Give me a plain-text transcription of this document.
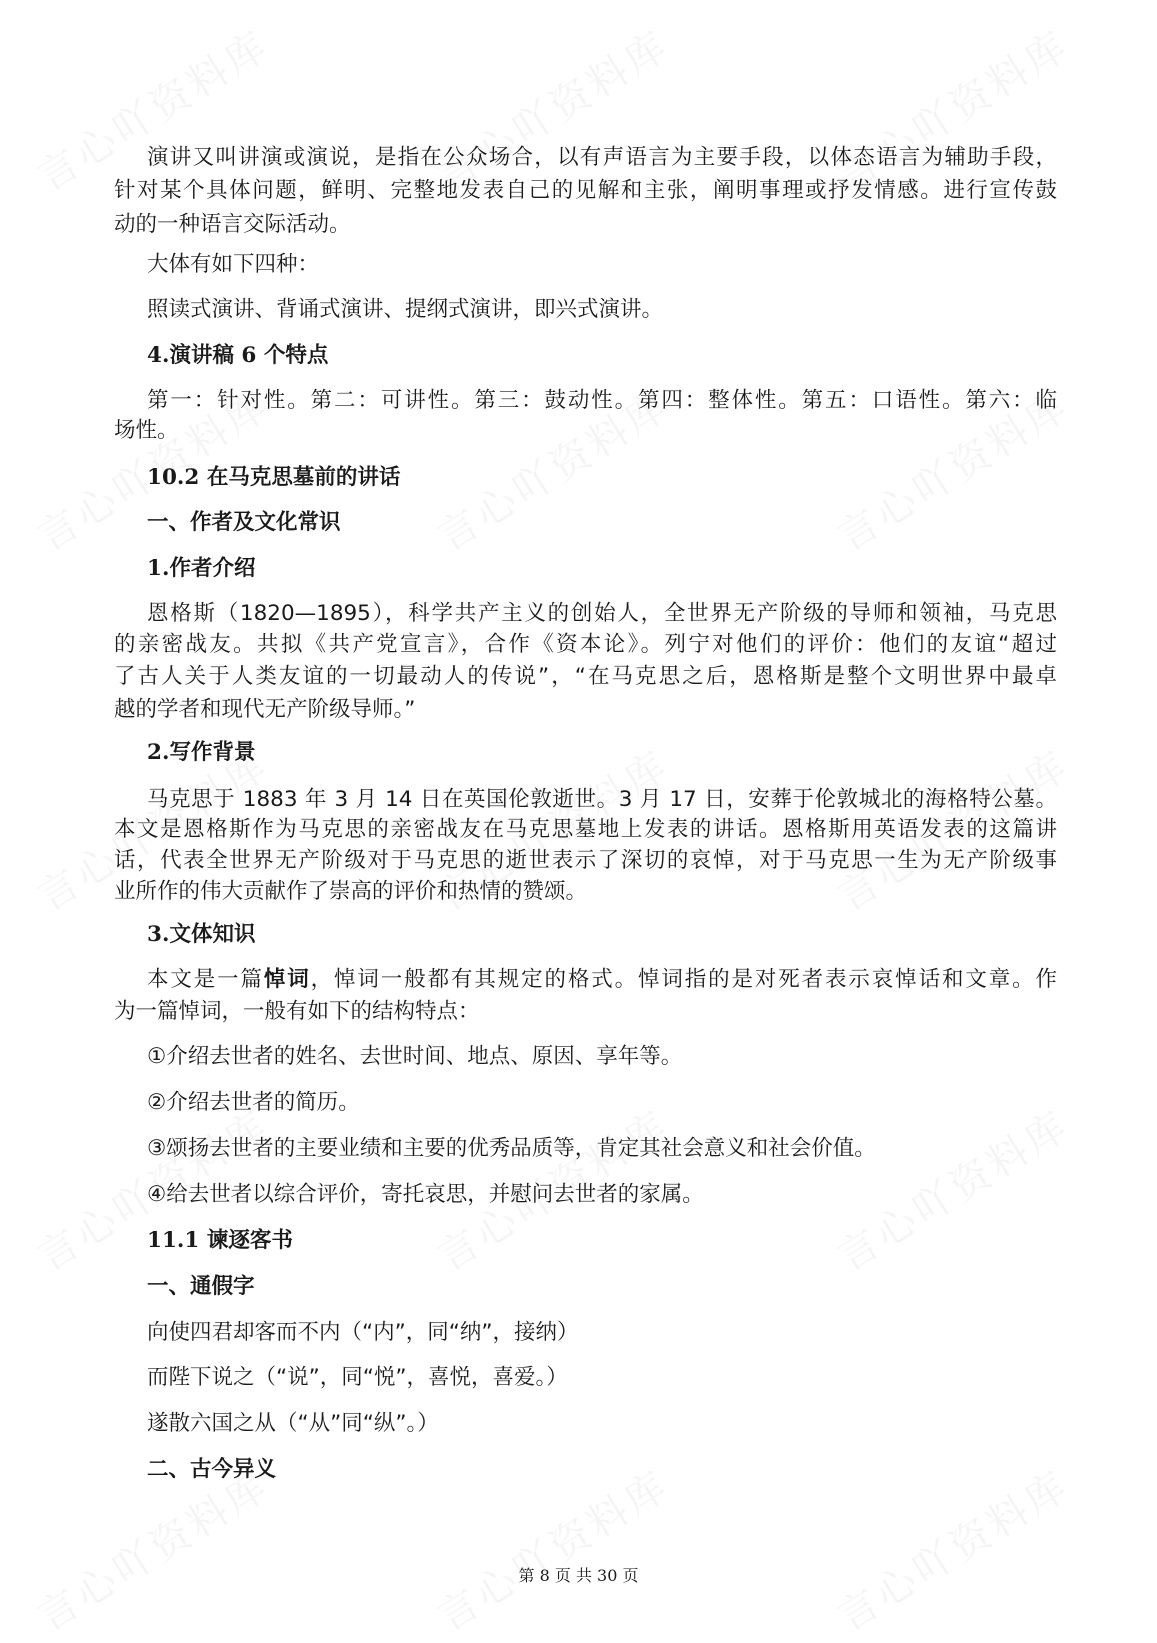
演讲又叫讲演或演说，是指在公众场合，以有声语言为主要手段，以体态语言为辅助手段，
针对某个具体问题，鲜明、完整地发表自己的见解和主张，阐明事理或抒发情感。进行宣传鼓
动的一种语言交际活动。
大体有如下四种：
照读式演讲、背诵式演讲、提纲式演讲，即兴式演讲。
4.演讲稿 6 个特点
第一：针对性。第二：可讲性。第三：鼓动性。第四：整体性。第五：口语性。第六：临
场性。
10.2 在马克思墓前的讲话
一、作者及文化常识
1.作者介绍
恩格斯（1820—1895），科学共产主义的创始人，全世界无产阶级的导师和领袖，马克思
的亲密战友。共拟《共产党宣言》，合作《资本论》。列宁对他们的评价：他们的友谊“超过
了古人关于人类友谊的一切最动人的传说”，“在马克思之后，恩格斯是整个文明世界中最卓
越的学者和现代无产阶级导师。”
2.写作背景
马克思于 1883 年 3 月 14 日在英国伦敦逝世。3 月 17 日，安葬于伦敦城北的海格特公墓。
本文是恩格斯作为马克思的亲密战友在马克思墓地上发表的讲话。恩格斯用英语发表的这篇讲
话，代表全世界无产阶级对于马克思的逝世表示了深切的哀悼，对于马克思一生为无产阶级事
业所作的伟大贡献作了崇高的评价和热情的赞颂。
3.文体知识
本文是一篇悼词，悼词一般都有其规定的格式。悼词指的是对死者表示哀悼话和文章。作
为一篇悼词，一般有如下的结构特点：
①介绍去世者的姓名、去世时间、地点、原因、享年等。
②介绍去世者的简历。
③颂扬去世者的主要业绩和主要的优秀品质等，肯定其社会意义和社会价值。
④给去世者以综合评价，寄托哀思，并慰问去世者的家属。
11.1 谏逐客书
一、通假字
向使四君却客而不内（“内”，同“纳”，接纳）
而陛下说之（“说”，同“悦”，喜悦，喜爱。）
遂散六国之从（“从”同“纵”。）
二、古今异义
第 8 页 共 30 页
